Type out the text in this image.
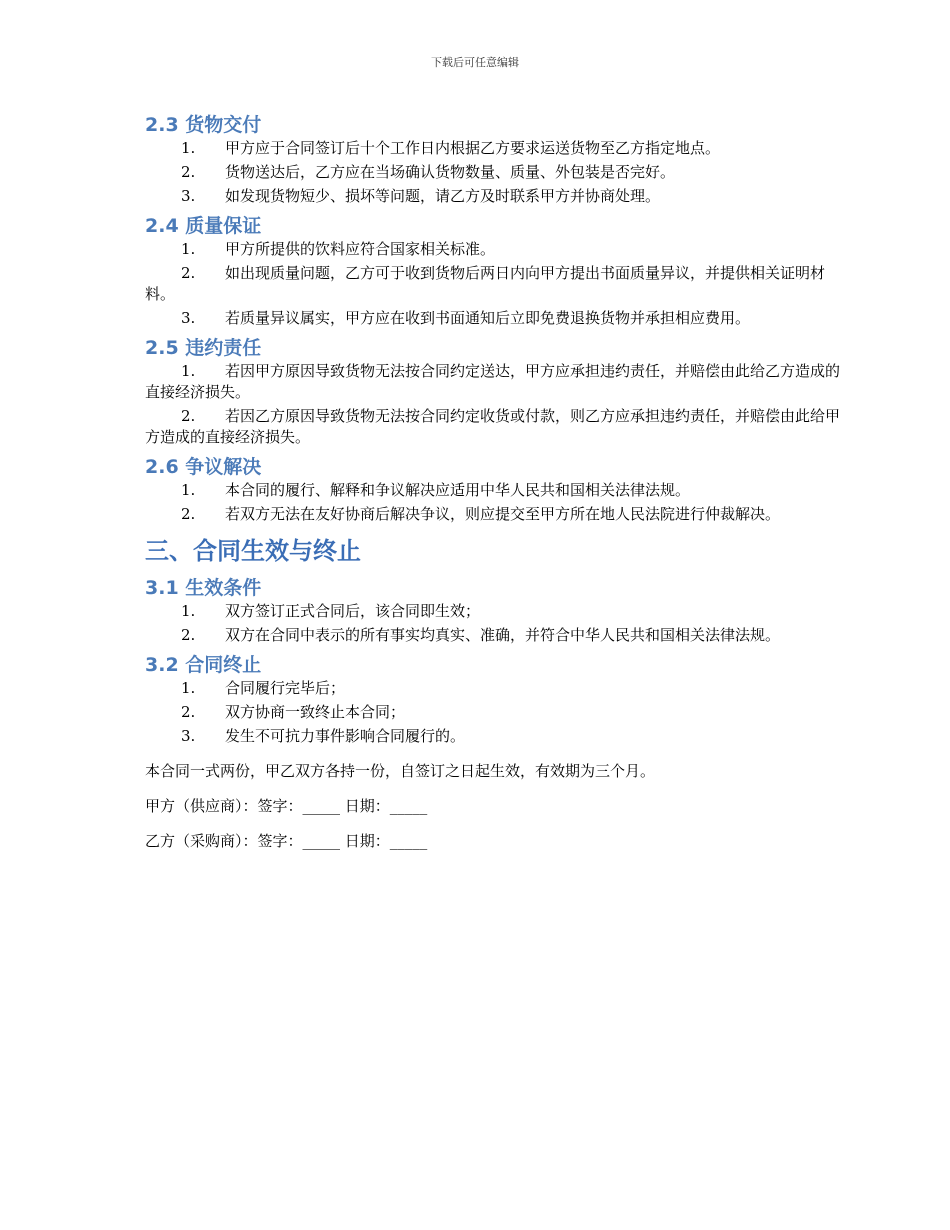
下载后可任意编辑
2.3 货物交付

1. 甲方应于合同签订后十个工作日内根据乙方要求运送货物至乙方指定地点。

2. 货物送达后，乙方应在当场确认货物数量、质量、外包装是否完好。

3. 如发现货物短少、损坏等问题，请乙方及时联系甲方并协商处理。

2.4 质量保证

1. 甲方所提供的饮料应符合国家相关标准。

2. 如出现质量问题，乙方可于收到货物后两日内向甲方提出书面质量异议，并提供相关证明材料。

3. 若质量异议属实，甲方应在收到书面通知后立即免费退换货物并承担相应费用。

2.5 违约责任

1. 若因甲方原因导致货物无法按合同约定送达，甲方应承担违约责任，并赔偿由此给乙方造成的直接经济损失。

2. 若因乙方原因导致货物无法按合同约定收货或付款，则乙方应承担违约责任，并赔偿由此给甲方造成的直接经济损失。

2.6 争议解决

1. 本合同的履行、解释和争议解决应适用中华人民共和国相关法律法规。

2. 若双方无法在友好协商后解决争议，则应提交至甲方所在地人民法院进行仲裁解决。

三、合同生效与终止
3.1 生效条件

1. 双方签订正式合同后，该合同即生效；

2. 双方在合同中表示的所有事实均真实、准确，并符合中华人民共和国相关法律法规。

3.2 合同终止

1. 合同履行完毕后；

2. 双方协商一致终止本合同；

3. 发生不可抗力事件影响合同履行的。

本合同一式两份，甲乙双方各持一份，自签订之日起生效，有效期为三个月。

甲方（供应商）：签字：_____ 日期：_____

乙方（采购商）：签字：_____ 日期：_____
